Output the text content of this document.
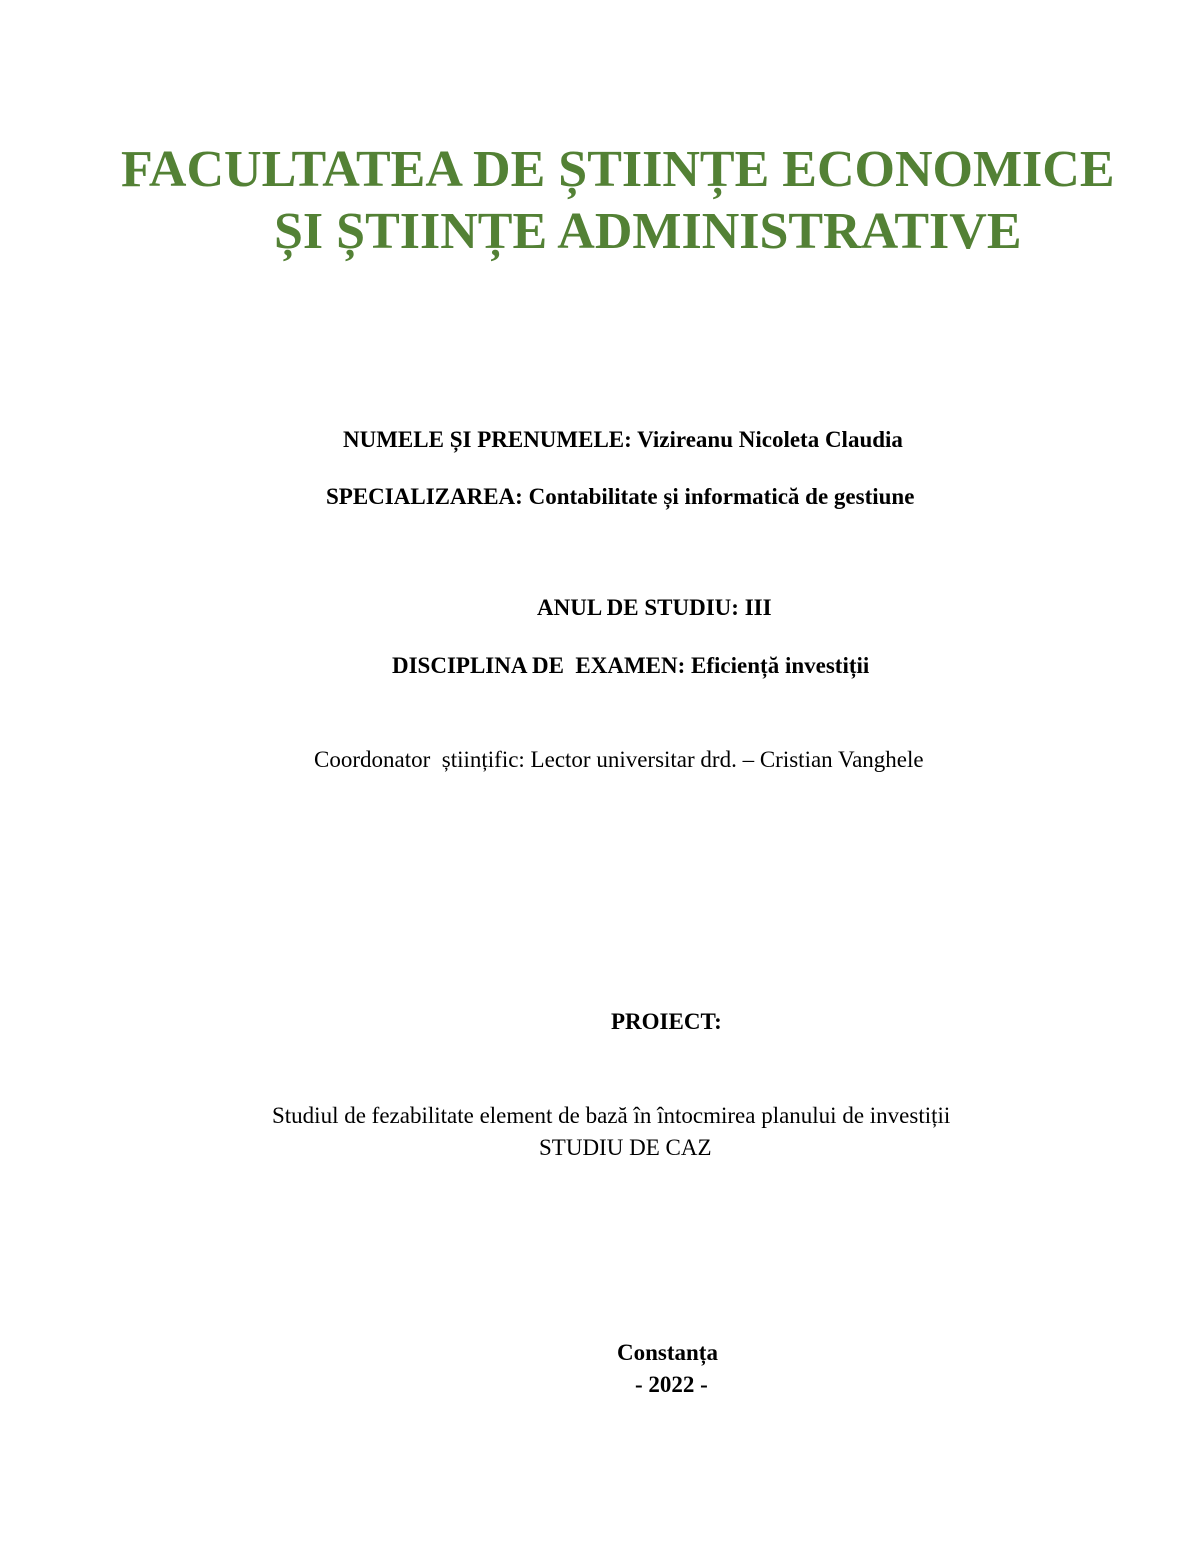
FACULTATEA DE ȘTIINȚE ECONOMICE
ȘI ȘTIINȚE ADMINISTRATIVE
NUMELE ȘI PRENUMELE: Vizireanu Nicoleta Claudia
SPECIALIZAREA: Contabilitate și informatică de gestiune
ANUL DE STUDIU: III
DISCIPLINA DE  EXAMEN: Eficiență investiții
Coordonator  științific: Lector universitar drd. – Cristian Vanghele
PROIECT:
Studiul de fezabilitate element de bază în întocmirea planului de investiții
STUDIU DE CAZ
Constanța
- 2022 -
